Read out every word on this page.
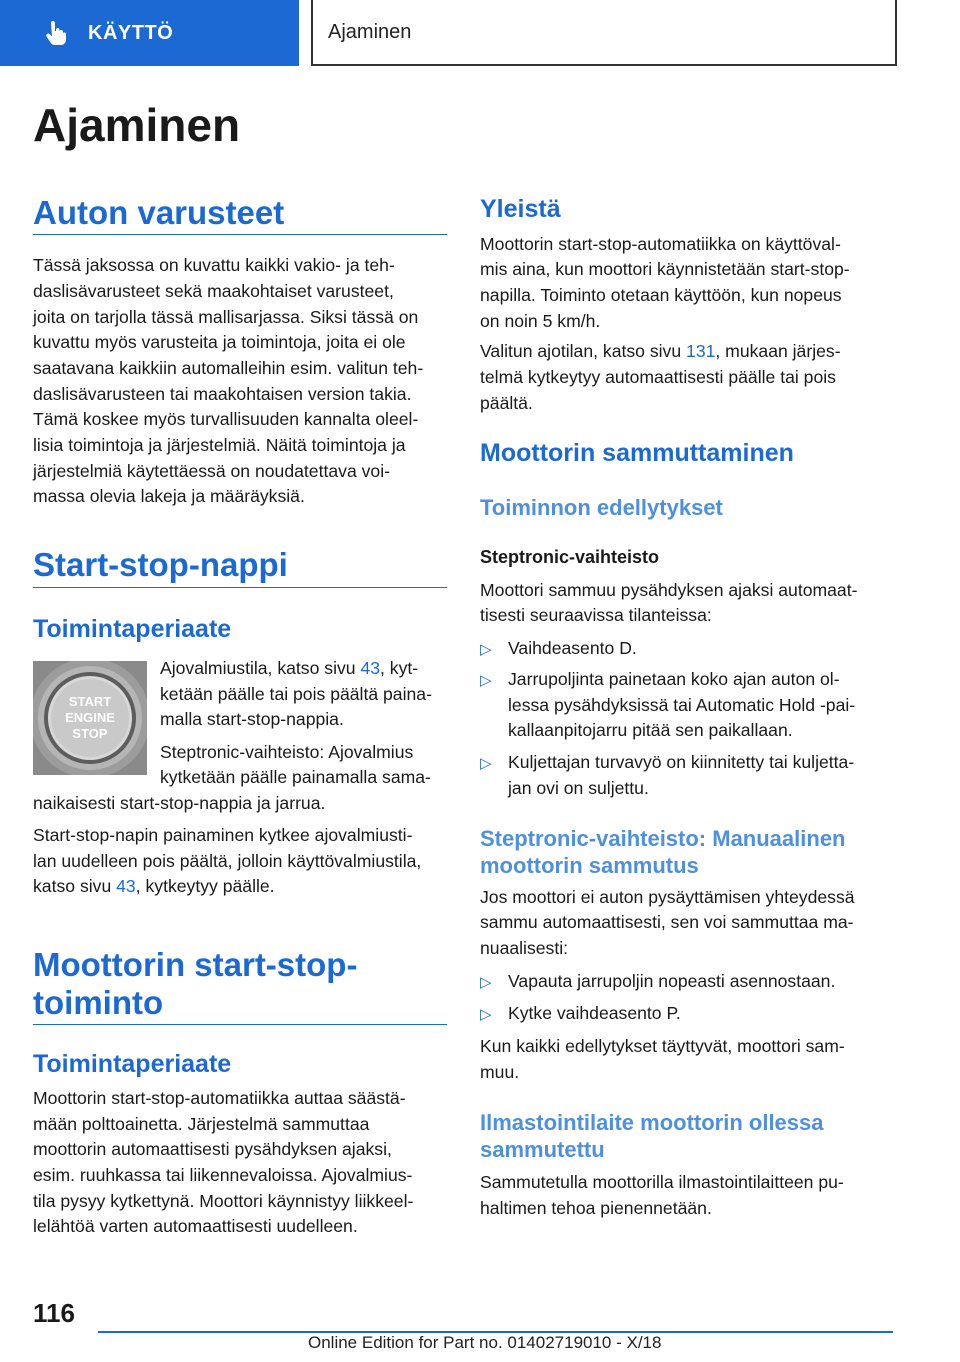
KÄYTTÖ	Ajaminen
Ajaminen
Auton varusteet

Tässä jaksossa on kuvattu kaikki vakio- ja teh-

daslisävarusteet sekä maakohtaiset varusteet,

joita on tarjolla tässä mallisarjassa. Siksi tässä on

kuvattu myös varusteita ja toimintoja, joita ei ole

saatavana kaikkiin automalleihin esim. valitun teh-

daslisävarusteen tai maakohtaisen version takia.

Tämä koskee myös turvallisuuden kannalta oleel-

lisia toimintoja ja järjestelmiä. Näitä toimintoja ja

järjestelmiä käytettäessä on noudatettava voi-

massa olevia lakeja ja määräyksiä.

Start-stop-nappi
Toimintaperiaate
START
ENGINE
STOP

Ajovalmiustila, katso sivu 43, kyt-

ketään päälle tai pois päältä paina-

malla start-stop-nappia.

Steptronic-vaihteisto: Ajovalmius

kytketään päälle painamalla sama-

naikaisesti start-stop-nappia ja jarrua.

Start-stop-napin painaminen kytkee ajovalmiusti-

lan uudelleen pois päältä, jolloin käyttövalmiustila,

katso sivu 43, kytkeytyy päälle.

Moottorin start-stop-
toiminto
Toimintaperiaate

Moottorin start-stop-automatiikka auttaa säästä-

mään polttoainetta. Järjestelmä sammuttaa

moottorin automaattisesti pysähdyksen ajaksi,

esim. ruuhkassa tai liikennevaloissa. Ajovalmius-

tila pysyy kytkettynä. Moottori käynnistyy liikkeel-

lelähtöä varten automaattisesti uudelleen.

Yleistä

Moottorin start-stop-automatiikka on käyttöval-

mis aina, kun moottori käynnistetään start-stop-

napilla. Toiminto otetaan käyttöön, kun nopeus

on noin 5 km/h.

Valitun ajotilan, katso sivu 131, mukaan järjes-

telmä kytkeytyy automaattisesti päälle tai pois

päältä.

Moottorin sammuttaminen
Toiminnon edellytykset
Steptronic-vaihteisto

Moottori sammuu pysähdyksen ajaksi automaat-

tisesti seuraavissa tilanteissa:

▷ Vaihdeasento D.

▷ Jarrupoljinta painetaan koko ajan auton ol-

lessa pysähdyksissä tai Automatic Hold -pai-

kallaanpitojarru pitää sen paikallaan.

▷ Kuljettajan turvavyö on kiinnitetty tai kuljetta-

jan ovi on suljettu.

Steptronic-vaihteisto: Manuaalinen
moottorin sammutus

Jos moottori ei auton pysäyttämisen yhteydessä

sammu automaattisesti, sen voi sammuttaa ma-

nuaalisesti:

▷ Vapauta jarrupoljin nopeasti asennostaan.

▷ Kytke vaihdeasento P.

Kun kaikki edellytykset täyttyvät, moottori sam-

muu.

Ilmastointilaite moottorin ollessa
sammutettu

Sammutetulla moottorilla ilmastointilaitteen pu-

haltimen tehoa pienennetään.

116
Online Edition for Part no. 01402719010 - X/18
